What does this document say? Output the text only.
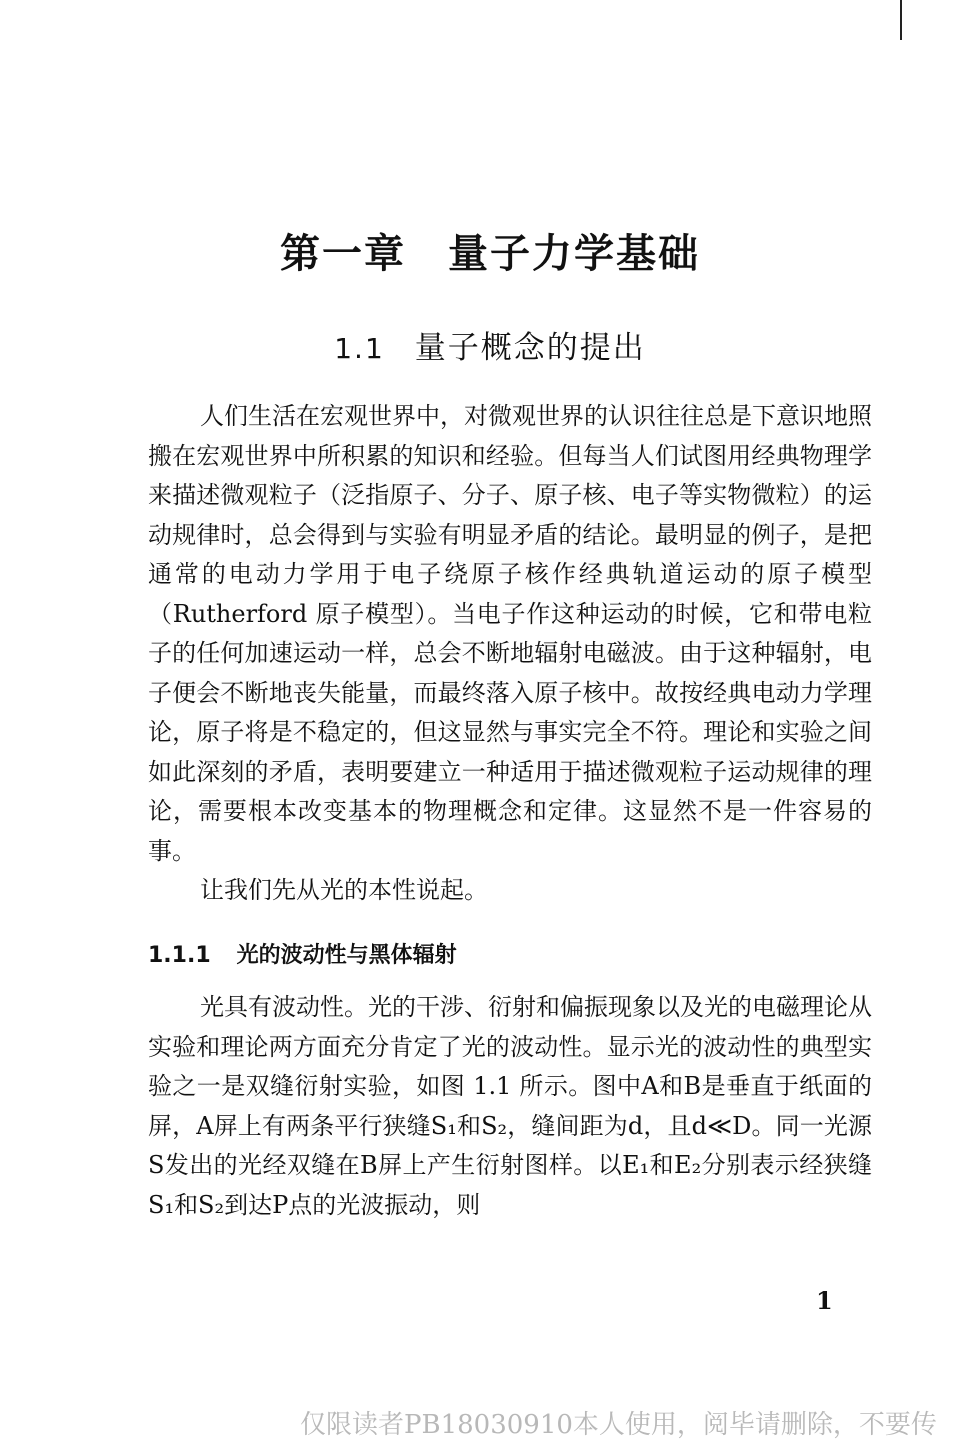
第一章 量子力学基础
1.1 量子概念的提出

人们生活在宏观世界中，对微观世界的认识往往总是下意识地照搬在宏观世界中所积累的知识和经验。但每当人们试图用经典物理学来描述微观粒子（泛指原子、分子、原子核、电子等实物微粒）的运动规律时，总会得到与实验有明显矛盾的结论。最明显的例子，是把通常的电动力学用于电子绕原子核作经典轨道运动的原子模型（Rutherford 原子模型）。当电子作这种运动的时候，它和带电粒子的任何加速运动一样，总会不断地辐射电磁波。由于这种辐射，电子便会不断地丧失能量，而最终落入原子核中。故按经典电动力学理论，原子将是不稳定的，但这显然与事实完全不符。理论和实验之间如此深刻的矛盾，表明要建立一种适用于描述微观粒子运动规律的理论，需要根本改变基本的物理概念和定律。这显然不是一件容易的事。

让我们先从光的本性说起。

1.1.1 光的波动性与黑体辐射

光具有波动性。光的干涉、衍射和偏振现象以及光的电磁理论从实验和理论两方面充分肯定了光的波动性。显示光的波动性的典型实验之一是双缝衍射实验，如图 1.1 所示。图中A和B是垂直于纸面的屏，A屏上有两条平行狭缝S₁和S₂，缝间距为d，且d≪D。同一光源S发出的光经双缝在B屏上产生衍射图样。以E₁和E₂分别表示经狭缝S₁和S₂到达P点的光波振动，则

1
仅限读者PB18030910本人使用，阅毕请删除，不要传
